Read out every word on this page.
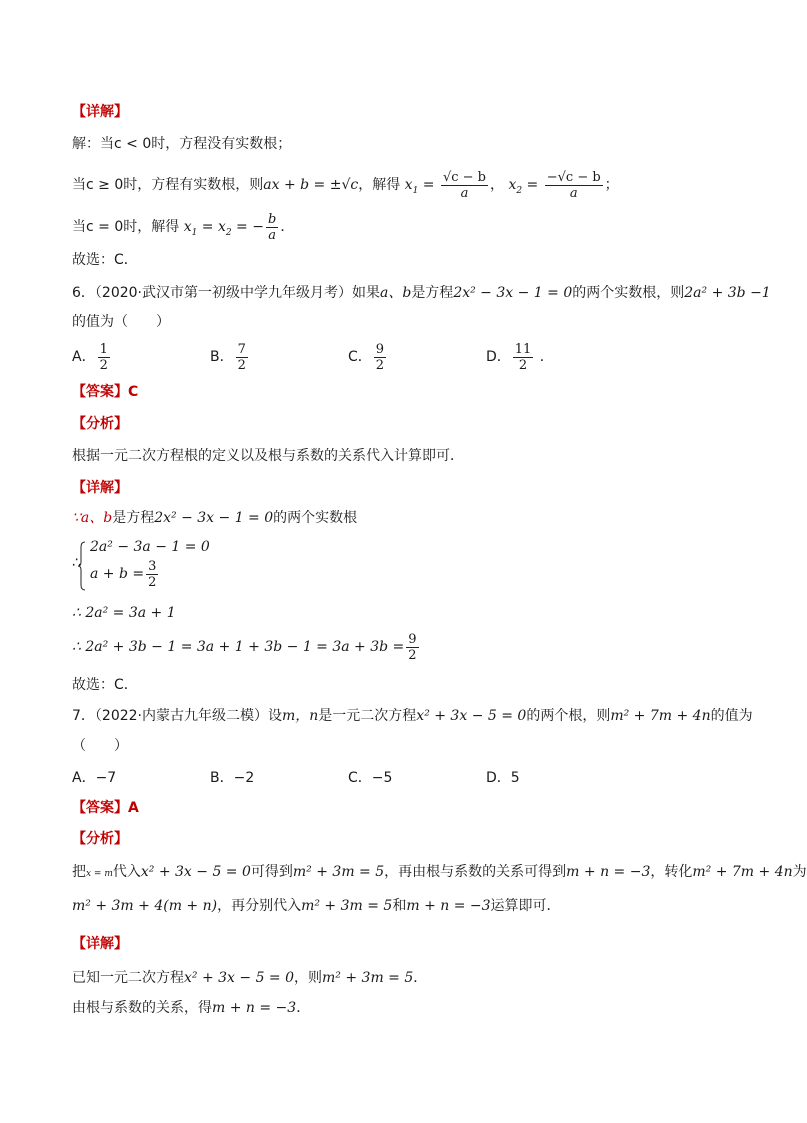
【详解】
解：当c < 0时，方程没有实数根；
当c ≥ 0时，方程有实数根，则ax + b = ±√c，解得 $x_1 = \frac{√c - b}{a}$ ， $x_2 = \frac{-√c - b}{a}$ ；
当c = 0时，解得 $x_1 = x_2$ = − $\frac{b}{a}$ ．
故选：C．
6．（2020·武汉市第一初级中学九年级月考）如果a、b是方程2x² − 3x − 1 = 0的两个实数根，则2a² + 3b −1
的值为（　　）
A． $\frac{1}{2}$	B． $\frac{7}{2}$	C． $\frac{9}{2}$	D． $\frac{11}{2}$ ．
【答案】C
【分析】
根据一元二次方程根的定义以及根与系数的关系代入计算即可．
【详解】
∵a、b是方程2x² − 3x − 1 = 0的两个实数根
∴
2a² − 3a − 1 = 0
$a + b = \frac{3}{2}$
∴ 2a² = 3a + 1
∴ $2a^2 + 3b - 1 = 3a + 1 + 3b - 1 = 3a + 3b = \frac{9}{2}$
故选：C．
7．（2022·内蒙古九年级二模）设m，n是一元二次方程x² + 3x − 5 = 0的两个根，则m² + 7m + 4n的值为
（　　）
A．−7	B．−2	C．−5	D．5
【答案】A
【分析】
把x = m代入x² + 3x − 5 = 0可得到m² + 3m = 5，再由根与系数的关系可得到m + n = −3，转化m² + 7m + 4n为
m² + 3m + 4(m + n)，再分别代入m² + 3m = 5和m + n = −3运算即可．
【详解】
已知一元二次方程x² + 3x − 5 = 0，则m² + 3m = 5．
由根与系数的关系，得m + n = −3．
